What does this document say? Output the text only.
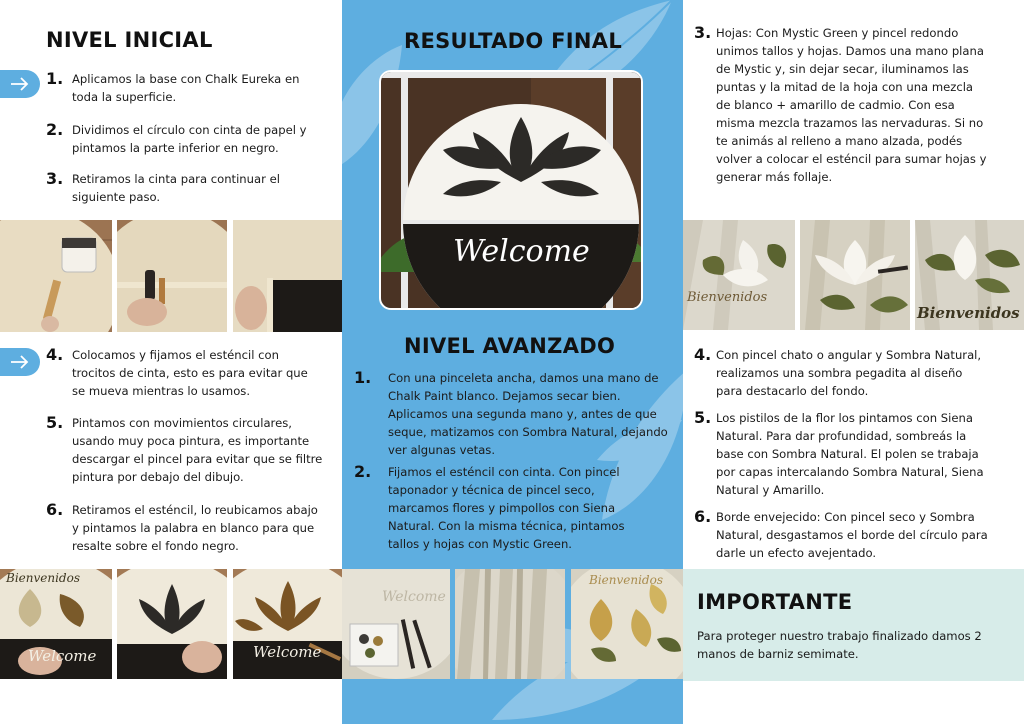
NIVEL INICIAL
1. Aplicamos la base con Chalk Eureka en toda la superficie.
2. Dividimos el círculo con cinta de papel y pintamos la parte inferior en negro.
3. Retiramos la cinta para continuar el siguiente paso.
4. Colocamos y fijamos el esténcil con trocitos de cinta, esto es para evitar que se mueva mientras lo usamos.
5. Pintamos con movimientos circulares, usando muy poca pintura, es importante descargar el pincel para evitar que se filtre pintura por debajo del dibujo.
6. Retiramos el esténcil, lo reubicamos abajo y pintamos la palabra en blanco para que resalte sobre el fondo negro.
RESULTADO FINAL
Welcome
NIVEL AVANZADO
1.	Con una pinceleta ancha, damos una mano de Chalk Paint blanco. Dejamos secar bien. Aplicamos una segunda mano y, antes de que seque, matizamos con Sombra Natural, dejando ver algunas vetas.
2.	Fijamos el esténcil con cinta. Con pincel taponador y técnica de pincel seco, marcamos flores y pimpollos con Siena Natural. Con la misma técnica, pintamos tallos y hojas con Mystic Green.
3. Hojas: Con Mystic Green y pincel redondo unimos tallos y hojas. Damos una mano plana de Mystic y, sin dejar secar, iluminamos las puntas y la mitad de la hoja con una mezcla de blanco + amarillo de cadmio. Con esa misma mezcla trazamos las nervaduras. Si no te animás al relleno a mano alzada, podés volver a colocar el esténcil para sumar hojas y generar más follaje.
Bienvenidos
Bienvenidos
4. Con pincel chato o angular y Sombra Natural, realizamos una sombra pegadita al diseño para destacarlo del fondo.
5. Los pistilos de la flor los pintamos con Siena Natural. Para dar profundidad, sombreás la base con Sombra Natural. El polen se trabaja por capas intercalando Sombra Natural, Siena Natural y Amarillo.
6. Borde envejecido: Con pincel seco y Sombra Natural, desgastamos el borde del círculo para darle un efecto avejentado.
Bienvenidos
Welcome	Welcome
Welcome
Bienvenidos
IMPORTANTE
Para proteger nuestro trabajo finalizado damos 2 manos de barniz semimate.
